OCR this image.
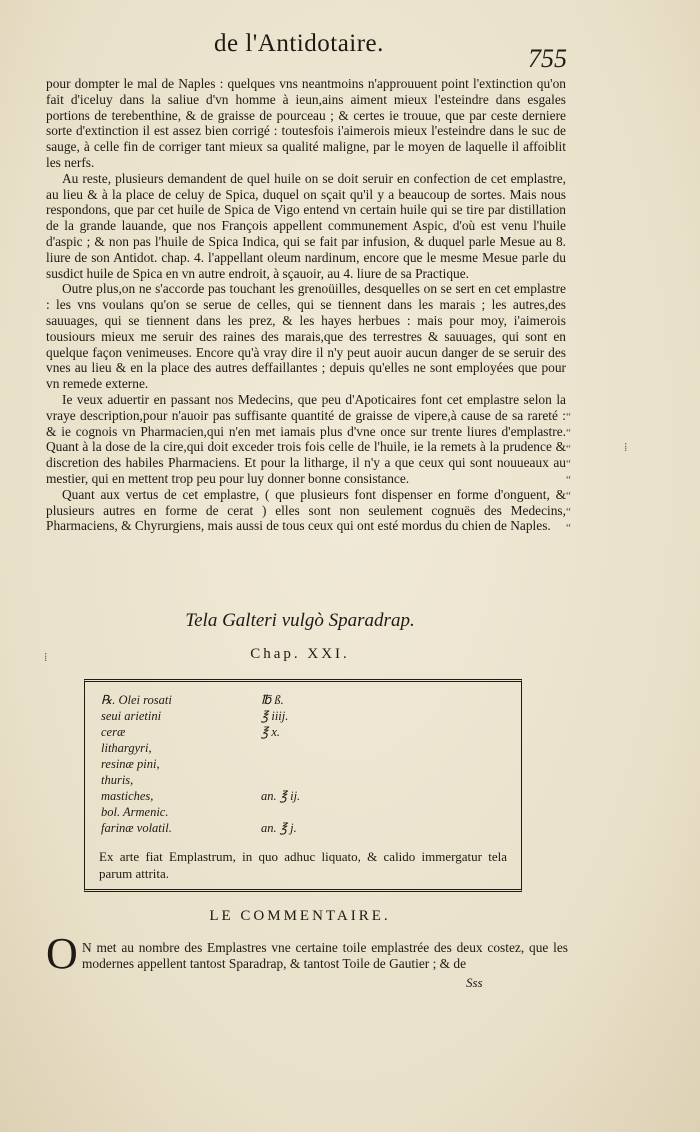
de l'Antidotaire.
755

pour dompter le mal de Naples : quelques vns neantmoins n'approuuent point l'extinction qu'on fait d'iceluy dans la saliue d'vn homme à ieun,ains aiment mieux l'esteindre dans esgales portions de terebenthine, & de graisse de pourceau ; & certes ie trouue, que par ceste derniere sorte d'extinction il est assez bien corrigé : toutesfois i'aimerois mieux l'esteindre dans le suc de sauge, à celle fin de corriger tant mieux sa qualité maligne, par le moyen de laquelle il affoiblit les nerfs.

Au reste, plusieurs demandent de quel huile on se doit seruir en confection de cet emplastre, au lieu & à la place de celuy de Spica, duquel on sçait qu'il y a beaucoup de sortes. Mais nous respondons, que par cet huile de Spica de Vigo entend vn certain huile qui se tire par distillation de la grande lauande, que nos François appellent communement Aspic, d'où est venu l'huile d'aspic ; & non pas l'huile de Spica Indica, qui se fait par infusion, & duquel parle Mesue au 8. liure de son Antidot. chap. 4. l'appellant oleum nardinum, encore que le mesme Mesue parle du susdict huile de Spica en vn autre endroit, à sçauoir, au 4. liure de sa Practique.

Outre plus,on ne s'accorde pas touchant les grenoüilles, desquelles on se sert en cet emplastre : les vns voulans qu'on se serue de celles, qui se tiennent dans les marais ; les autres,des sauuages, qui se tiennent dans les prez, & les hayes herbues : mais pour moy, i'aimerois tousiours mieux me seruir des raines des marais,que des terrestres & sauuages, qui sont en quelque façon venimeuses. Encore qu'à vray dire il n'y peut auoir aucun danger de se seruir des vnes au lieu & en la place des autres deffaillantes ; depuis qu'elles ne sont employées que pour vn remede externe.

Ie veux aduertir en passant nos Medecins, que peu d'Apoticaires font cet emplastre selon la vraye description,pour n'auoir pas suffisante quantité de graisse de vipere,à cause de sa rareté : & ie cognois vn Pharmacien,qui n'en met iamais plus d'vne once sur trente liures d'emplastre. Quant à la dose de la cire,qui doit exceder trois fois celle de l'huile, ie la remets à la prudence & discretion des habiles Pharmaciens. Et pour la litharge, il n'y a que ceux qui sont nouueaux au mestier, qui en mettent trop peu pour luy donner bonne consistance.

Quant aux vertus de cet emplastre, ( que plusieurs font dispenser en forme d'onguent, & plusieurs autres en forme de cerat ) elles sont non seulement cognuës des Medecins, Pharmaciens, & Chyrurgiens, mais aussi de tous ceux qui ont esté mordus du chien de Naples.

“
“
“
“
“
“
“
“
⁞
⁞
Tela Galteri vulgò Sparadrap.
Chap. XXI.
℞. Olei rosati	℔ ß.
seui arietini	℥ iiij.
ceræ	℥ x.
lithargyri,
resinæ pini,
thuris,
mastiches,	an. ℥ ij.
bol. Armenic.
farinæ volatil.	an. ℥ j.
Ex arte fiat Emplastrum, in quo adhuc liquato, & calido immergatur tela parum attrita.
LE COMMENTAIRE.
O N met au nombre des Emplastres vne certaine toile emplastrée des deux costez, que les modernes appellent tantost Sparadrap, & tantost Toile de Gautier ; & de
Sss
